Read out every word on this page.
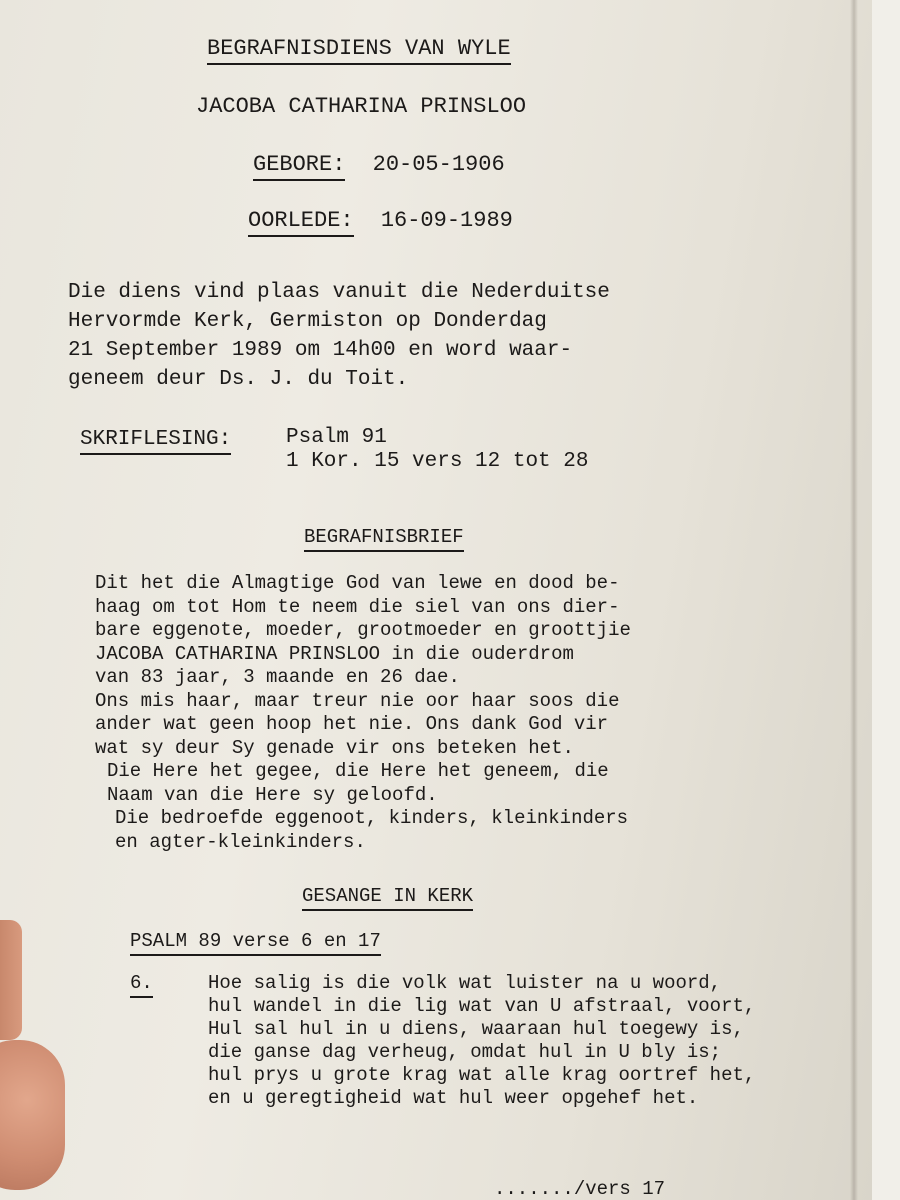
BEGRAFNISDIENS VAN WYLE
JACOBA CATHARINA PRINSLOO
GEBORE: 20-05-1906
OORLEDE: 16-09-1989
Die diens vind plaas vanuit die Nederduitse
Hervormde Kerk, Germiston op Donderdag
21 September 1989 om 14h00 en word waar-
geneem deur Ds. J. du Toit.
SKRIFLESING:	Psalm 91
1 Kor. 15 vers 12 tot 28
BEGRAFNISBRIEF
Dit het die Almagtige God van lewe en dood be-
haag om tot Hom te neem die siel van ons dier-
bare eggenote, moeder, grootmoeder en groottjie
JACOBA CATHARINA PRINSLOO in die ouderdrom
van 83 jaar, 3 maande en 26 dae.
Ons mis haar, maar treur nie oor haar soos die
ander wat geen hoop het nie. Ons dank God vir
wat sy deur Sy genade vir ons beteken het.
Die Here het gegee, die Here het geneem, die
Naam van die Here sy geloofd.
Die bedroefde eggenoot, kinders, kleinkinders
en agter-kleinkinders.
GESANGE IN KERK
PSALM 89 verse 6 en 17
6.	Hoe salig is die volk wat luister na u woord,
hul wandel in die lig wat van U afstraal, voort,
Hul sal hul in u diens, waaraan hul toegewy is,
die ganse dag verheug, omdat hul in U bly is;
hul prys u grote krag wat alle krag oortref het,
en u geregtigheid wat hul weer opgehef het.
......./vers 17
